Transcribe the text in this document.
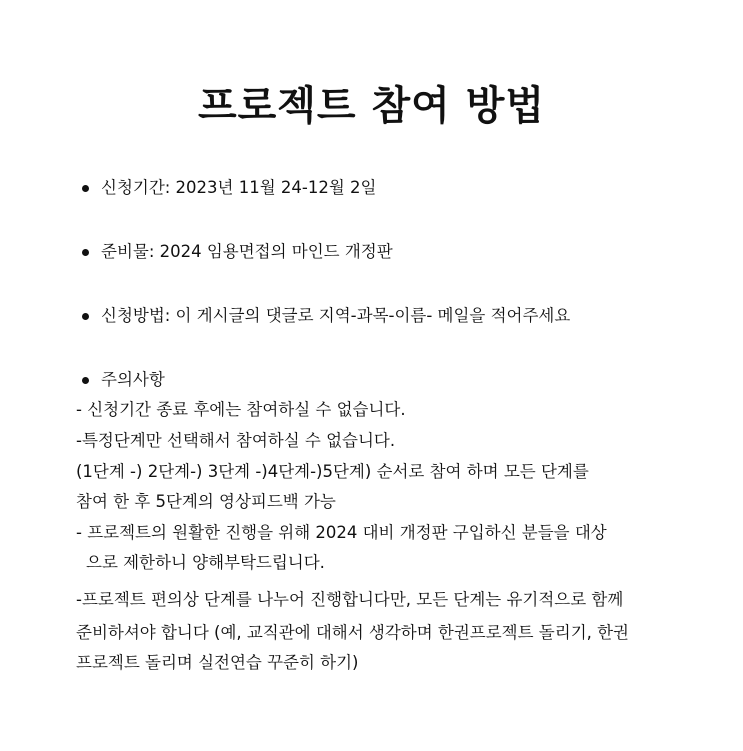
프로젝트 참여 방법
신청기간: 2023년 11월 24-12월 2일
준비물: 2024 임용면접의 마인드 개정판
신청방법: 이 게시글의 댓글로 지역-과목-이름- 메일을 적어주세요
주의사항
- 신청기간 종료 후에는 참여하실 수 없습니다.
-특정단계만 선택해서 참여하실 수 없습니다.
(1단계 -) 2단계-) 3단계 -)4단계-)5단계) 순서로 참여 하며 모든 단계를
참여 한 후 5단계의 영상피드백 가능
- 프로젝트의 원활한 진행을 위해 2024 대비 개정판 구입하신 분들을 대상
으로 제한하니 양해부탁드립니다.
-프로젝트 편의상 단계를 나누어 진행합니다만, 모든 단계는 유기적으로 함께
준비하셔야 합니다 (예, 교직관에 대해서 생각하며 한권프로젝트 돌리기, 한권
프로젝트 돌리며 실전연습 꾸준히 하기)
